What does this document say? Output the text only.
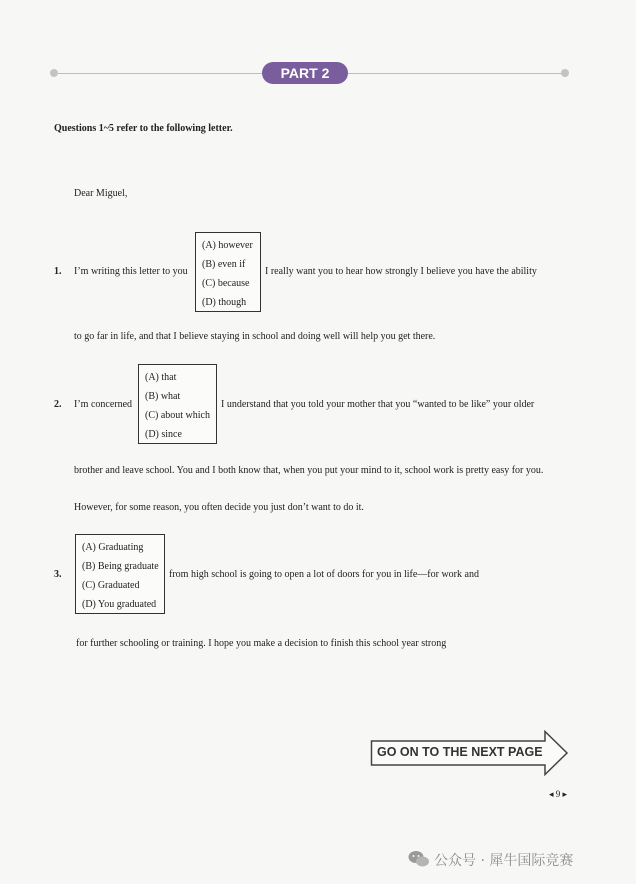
PART 2
Questions 1~5 refer to the following letter.
Dear Miguel,
1. I’m writing this letter to you
(A) however
(B) even if
(C) because
(D) though
I really want you to hear how strongly I believe you have the ability
to go far in life, and that I believe staying in school and doing well will help you get there.
2. I’m concerned
(A) that
(B) what
(C) about which
(D) since
I understand that you told your mother that you “wanted to be like” your older
brother and leave school. You and I both know that, when you put your mind to it, school work is pretty easy for you.
However, for some reason, you often decide you just don’t want to do it.
3.
(A) Graduating
(B) Being graduate
(C) Graduated
(D) You graduated
from high school is going to open a lot of doors for you in life—for work and
for further schooling or training. I hope you make a decision to finish this school year strong
GO ON TO THE NEXT PAGE
◂ 9 ▸
公众号 · 犀牛国际竞赛
